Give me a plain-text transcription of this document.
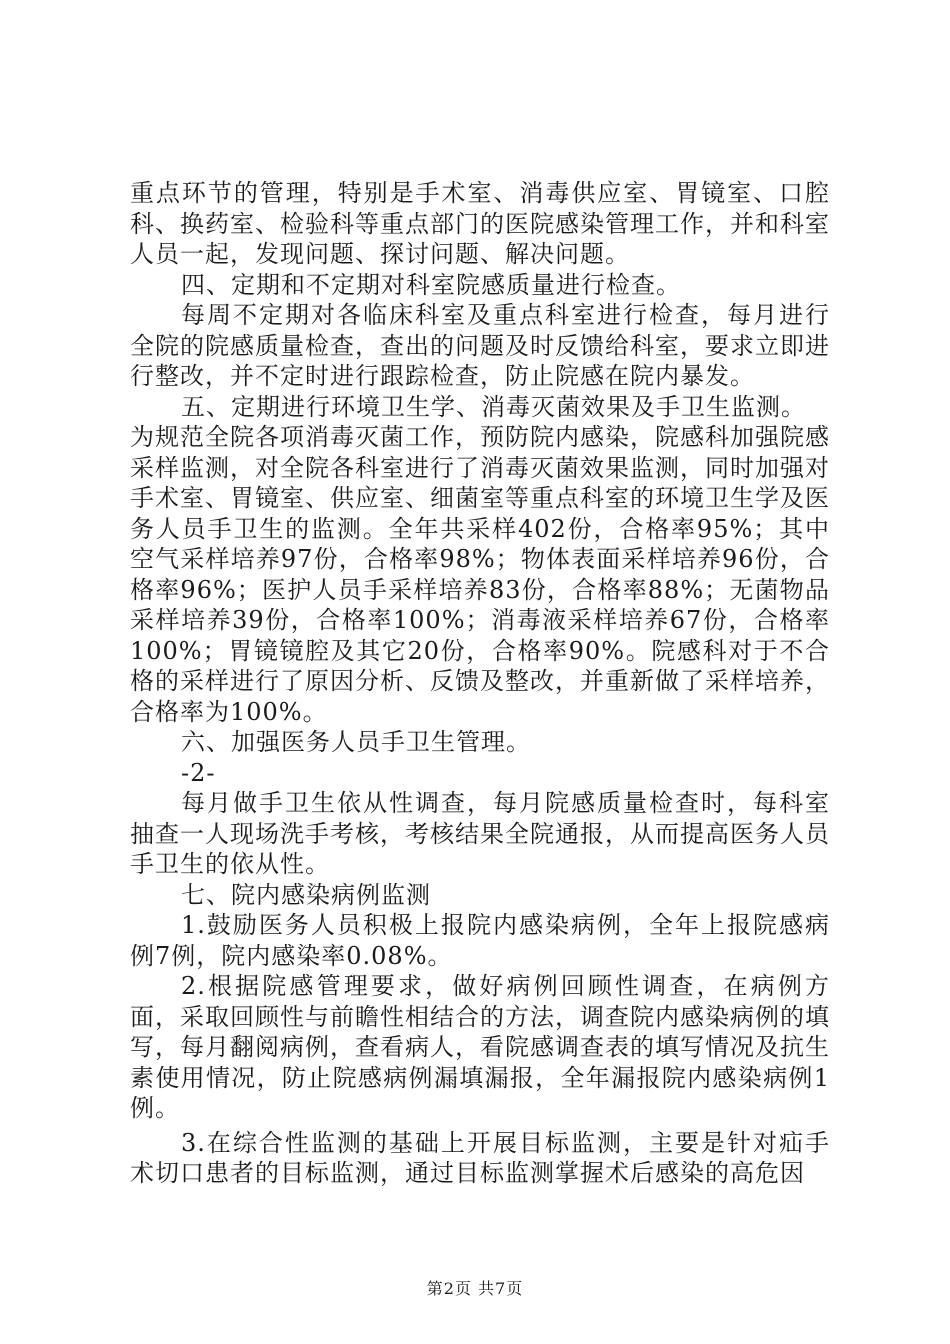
重点环节的管理，特别是手术室、消毒供应室、胃镜室、口腔科、换药室、检验科等重点部门的医院感染管理工作，并和科室人员一起，发现问题、探讨问题、解决问题。

四、定期和不定期对科室院感质量进行检查。

每周不定期对各临床科室及重点科室进行检查，每月进行全院的院感质量检查，查出的问题及时反馈给科室，要求立即进行整改，并不定时进行跟踪检查，防止院感在院内暴发。

五、定期进行环境卫生学、消毒灭菌效果及手卫生监测。

为规范全院各项消毒灭菌工作，预防院内感染，院感科加强院感采样监测，对全院各科室进行了消毒灭菌效果监测，同时加强对手术室、胃镜室、供应室、细菌室等重点科室的环境卫生学及医务人员手卫生的监测。全年共采样402份，合格率95%；其中空气采样培养97份，合格率98%；物体表面采样培养96份，合格率96%；医护人员手采样培养83份，合格率88%；无菌物品采样培养39份，合格率100%；消毒液采样培养67份，合格率100%；胃镜镜腔及其它20份，合格率90%。院感科对于不合格的采样进行了原因分析、反馈及整改，并重新做了采样培养，合格率为100%。

六、加强医务人员手卫生管理。

-2-

每月做手卫生依从性调查，每月院感质量检查时，每科室抽查一人现场洗手考核，考核结果全院通报，从而提高医务人员手卫生的依从性。

七、院内感染病例监测

1.鼓励医务人员积极上报院内感染病例，全年上报院感病例7例，院内感染率0.08%。

2.根据院感管理要求，做好病例回顾性调查，在病例方面，采取回顾性与前瞻性相结合的方法，调查院内感染病例的填写，每月翻阅病例，查看病人，看院感调查表的填写情况及抗生素使用情况，防止院感病例漏填漏报，全年漏报院内感染病例1例。

3.在综合性监测的基础上开展目标监测，主要是针对疝手术切口患者的目标监测，通过目标监测掌握术后感染的高危因

第2页 共7页
